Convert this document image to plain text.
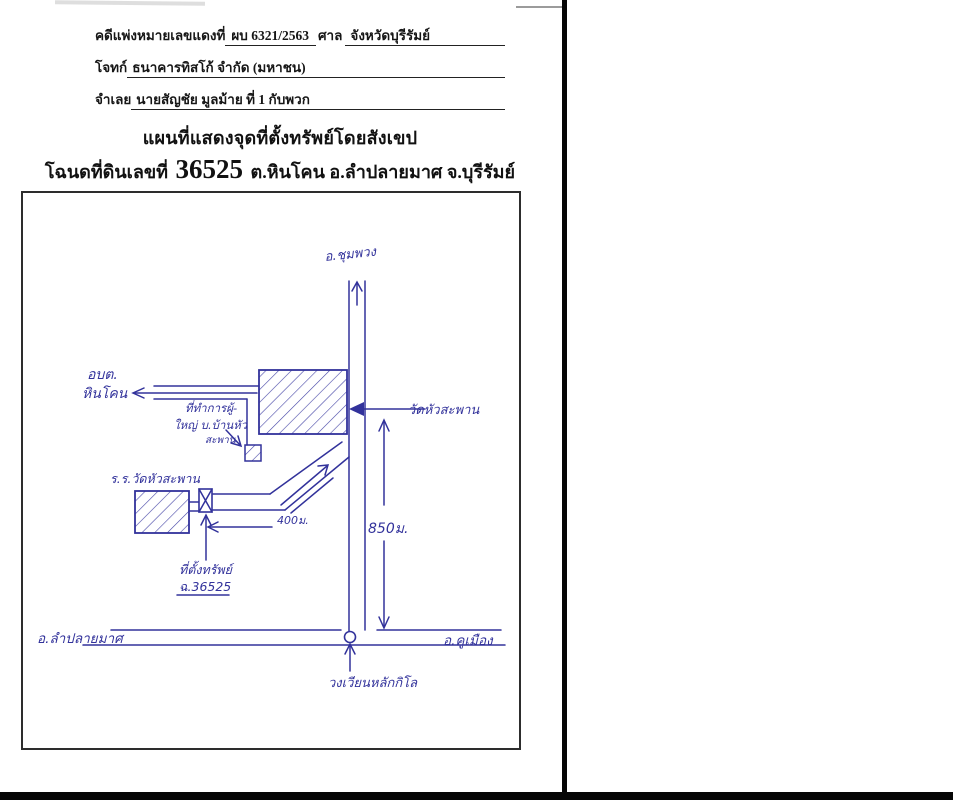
คดีแพ่งหมายเลขแดงที่ ผบ 6321/2563 ศาล จังหวัดบุรีรัมย์
โจทก์ ธนาคารทิสโก้ จำกัด (มหาชน)
จำเลย นายสัญชัย มูลม้าย ที่ 1 กับพวก
แผนที่แสดงจุดที่ตั้งทรัพย์โดยสังเขป
โฉนดที่ดินเลขที่ 36525 ต.หินโคน อ.ลำปลายมาศ จ.บุรีรัมย์
อ.ชุมพวง
อบต.
หินโคน
ที่ทำการผู้-
ใหญ่ บ.บ้านหัว
สะพาน
400ม.
ร.ร.วัดหัวสะพาน
ที่ตั้งทรัพย์
ฉ.36525
วัดหัวสะพาน
850ม.
อ.ลำปลายมาศ	อ.คูเมือง
วงเวียนหลักกิโล
